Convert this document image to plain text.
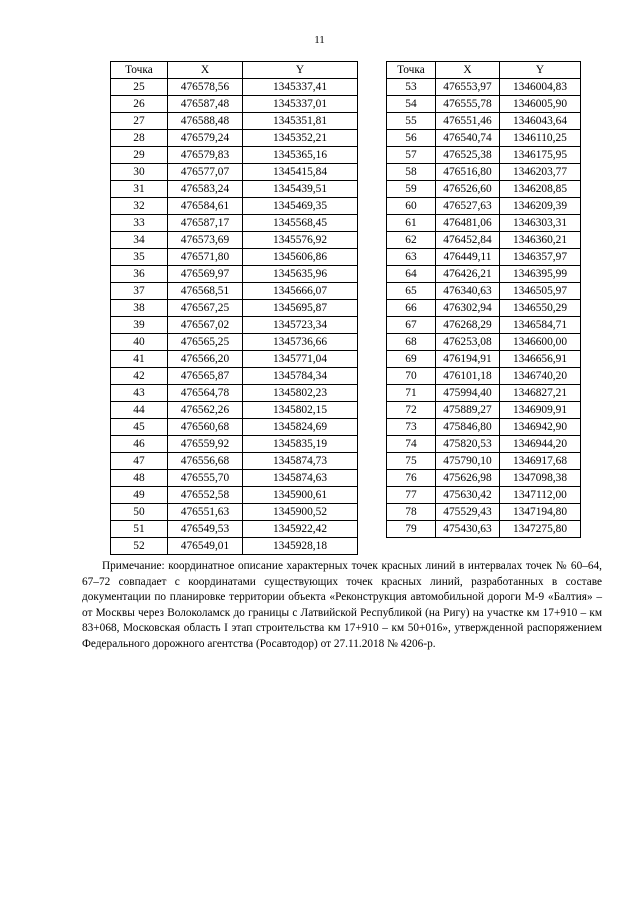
11
Точка	X	Y
25	476578,56	1345337,41
26	476587,48	1345337,01
27	476588,48	1345351,81
28	476579,24	1345352,21
29	476579,83	1345365,16
30	476577,07	1345415,84
31	476583,24	1345439,51
32	476584,61	1345469,35
33	476587,17	1345568,45
34	476573,69	1345576,92
35	476571,80	1345606,86
36	476569,97	1345635,96
37	476568,51	1345666,07
38	476567,25	1345695,87
39	476567,02	1345723,34
40	476565,25	1345736,66
41	476566,20	1345771,04
42	476565,87	1345784,34
43	476564,78	1345802,23
44	476562,26	1345802,15
45	476560,68	1345824,69
46	476559,92	1345835,19
47	476556,68	1345874,73
48	476555,70	1345874,63
49	476552,58	1345900,61
50	476551,63	1345900,52
51	476549,53	1345922,42
52	476549,01	1345928,18
Точка	X	Y
53	476553,97	1346004,83
54	476555,78	1346005,90
55	476551,46	1346043,64
56	476540,74	1346110,25
57	476525,38	1346175,95
58	476516,80	1346203,77
59	476526,60	1346208,85
60	476527,63	1346209,39
61	476481,06	1346303,31
62	476452,84	1346360,21
63	476449,11	1346357,97
64	476426,21	1346395,99
65	476340,63	1346505,97
66	476302,94	1346550,29
67	476268,29	1346584,71
68	476253,08	1346600,00
69	476194,91	1346656,91
70	476101,18	1346740,20
71	475994,40	1346827,21
72	475889,27	1346909,91
73	475846,80	1346942,90
74	475820,53	1346944,20
75	475790,10	1346917,68
76	475626,98	1347098,38
77	475630,42	1347112,00
78	475529,43	1347194,80
79	475430,63	1347275,80
Примечание: координатное описание характерных точек красных линий в интервалах точек № 60–64, 67–72 совпадает с координатами существующих точек красных линий, разработанных в составе документации по планировке территории объекта «Реконструкция автомобильной дороги М-9 «Балтия» – от Москвы через Волоколамск до границы с Латвийской Республикой (на Ригу) на участке км 17+910 – км 83+068, Московская область I этап строительства км 17+910 – км 50+016», утвержденной распоряжением Федерального дорожного агентства (Росавтодор) от 27.11.2018 № 4206-р.
